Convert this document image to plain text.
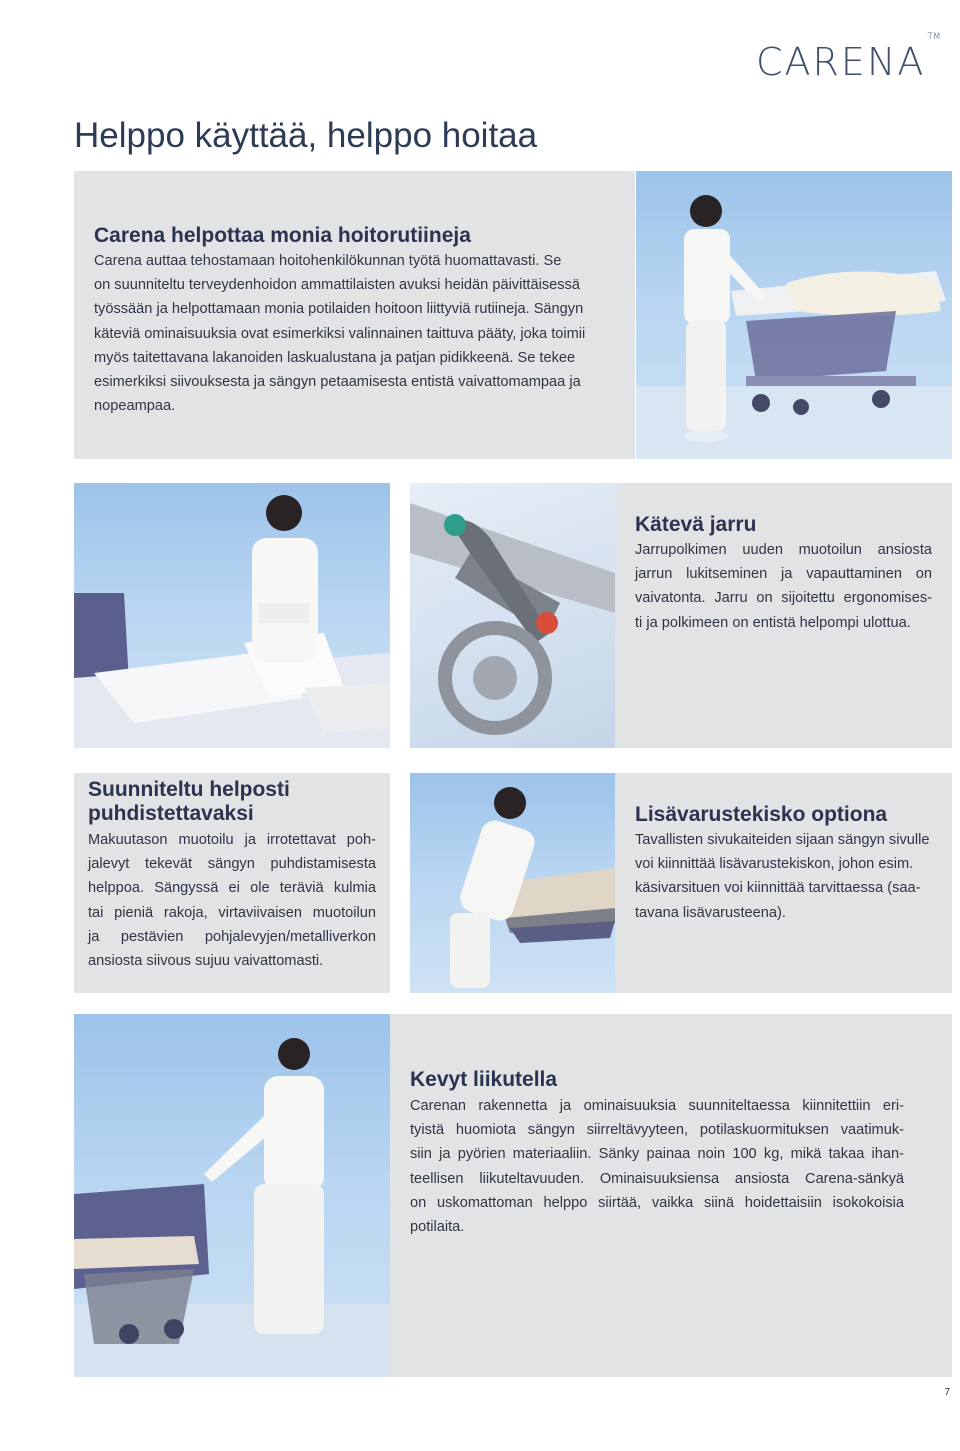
CARENA™
Helppo käyttää, helppo hoitaa
Carena helpottaa monia hoitorutiineja
Carena auttaa tehostamaan hoitohenkilökunnan työtä huomattavasti. Se
on suunniteltu terveydenhoidon ammattilaisten avuksi heidän päivittäisessä
työssään ja helpottamaan monia potilaiden hoitoon liittyviä rutiineja. Sängyn
käteviä ominaisuuksia ovat esimerkiksi valinnainen taittuva pääty, joka toimii
myös taitettavana lakanoiden laskualustana ja patjan pidikkeenä. Se tekee
esimerkiksi siivouksesta ja sängyn petaamisesta entistä vaivattomampaa ja
nopeampaa.
Kätevä jarru
Jarrupolkimen uuden muotoilun ansiosta
jarrun lukitseminen ja vapauttaminen on
vaivatonta. Jarru on sijoitettu ergonomises-
ti ja polkimeen on entistä helpompi ulottua.
Suunniteltu helposti
puhdistettavaksi
Makuutason muotoilu ja irrotettavat poh-
jalevyt tekevät sängyn puhdistamisesta
helppoa. Sängyssä ei ole teräviä kulmia
tai pieniä rakoja, virtaviivaisen muotoilun
ja pestävien pohjalevyjen/metalliverkon
ansiosta siivous sujuu vaivattomasti.
Lisävarustekisko optiona
Tavallisten sivukaiteiden sijaan sängyn sivulle
voi kiinnittää lisävarustekiskon, johon esim.
käsivarsituen voi kiinnittää tarvittaessa (saa-
tavana lisävarusteena).
Kevyt liikutella
Carenan rakennetta ja ominaisuuksia suunniteltaessa kiinnitettiin eri-
tyistä huomiota sängyn siirreltävyyteen, potilaskuormituksen vaatimuk-
siin ja pyörien materiaaliin. Sänky painaa noin 100 kg, mikä takaa ihan-
teellisen liikuteltavuuden. Ominaisuuksiensa ansiosta Carena-sänkyä
on uskomattoman helppo siirtää, vaikka siinä hoidettaisiin isokokoisia
potilaita.
7
